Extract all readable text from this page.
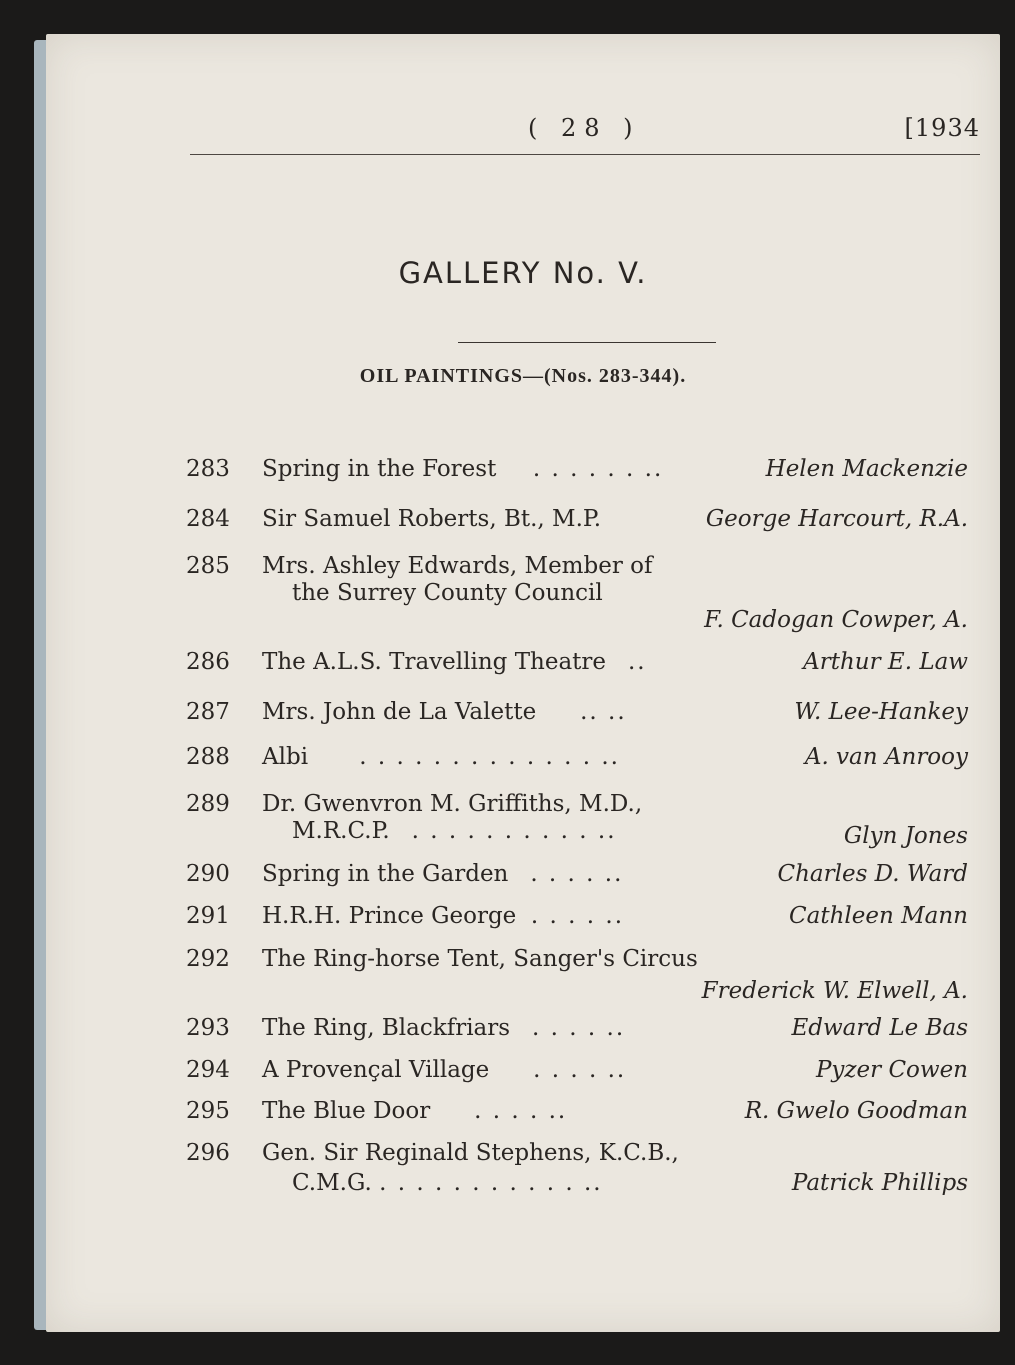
( 28 )	[1934
GALLERY No. V.
OIL PAINTINGS—(Nos. 283-344).
283 Spring in the Forest . . . . . . ..	Helen Mackenzie
284 Sir Samuel Roberts, Bt., M.P.	George Harcourt, R.A.
285 Mrs. Ashley Edwards, Member of
the Surrey County Council
F. Cadogan Cowper, A.
286 The A.L.S. Travelling Theatre ..	Arthur E. Law
287 Mrs. John de La Valette .. ..	W. Lee-Hankey
288 Albi . . . . . . . . . . . . . ..	A. van Anrooy
289 Dr. Gwenvron M. Griffiths, M.D.,
M.R.C.P. . . . . . . . . . . ..	Glyn Jones
290 Spring in the Garden . . . . ..	Charles D. Ward
291 H.R.H. Prince George . . . . ..	Cathleen Mann
292 The Ring-horse Tent, Sanger's Circus
Frederick W. Elwell, A.
293 The Ring, Blackfriars . . . . ..	Edward Le Bas
294 A Provençal Village . . . . ..	Pyzer Cowen
295 The Blue Door . . . . ..	R. Gwelo Goodman
296 Gen. Sir Reginald Stephens, K.C.B.,
C.M.G. . . . . . . . . . . . ..	Patrick Phillips
